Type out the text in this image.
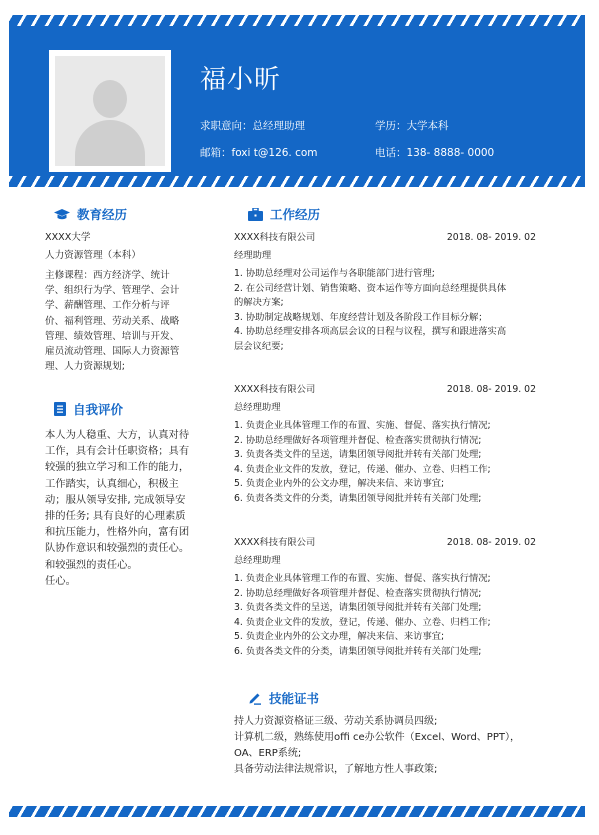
福小昕
求职意向：总经理助理	学历：大学本科
邮箱：foxi t@126. com	电话：138- 8888- 0000
教育经历
XXXX大学
人力资源管理（本科）
主修课程：西方经济学、统计
学、组织行为学、管理学、会计
学、薪酬管理、工作分析与评
价、福利管理、劳动关系、战略
管理、绩效管理、培训与开发、
雇员流动管理、国际人力资源管
理、人力资源规划;
自我评价
本人为人稳重、大方，认真对待
工作，具有会计任职资格；具有
较强的独立学习和工作的能力，
工作踏实，认真细心，积极主
动；服从领导安排, 完成领导安
排的任务; 具有良好的心理素质
和抗压能力，性格外向，富有团
队协作意识和较强烈的责任心。
和较强烈的责任心。
任心。
工作经历
XXXX科技有限公司	2018. 08- 2019. 02
经理助理
1. 协助总经理对公司运作与各职能部门进行管理;
2. 在公司经营计划、销售策略、资本运作等方面向总经理提供具体
的解决方案;
3. 协助制定战略规划、年度经营计划及各阶段工作目标分解；
4. 协助总经理安排各项高层会议的日程与议程，撰写和跟进落实高
层会议纪要;
XXXX科技有限公司	2018. 08- 2019. 02
总经理助理
1. 负责企业具体管理工作的布置、实施、督促、落实执行情况;
2. 协助总经理做好各项管理并督促、检查落实贯彻执行情况;
3. 负责各类文件的呈送，请集团领导阅批并转有关部门处理;
4. 负责企业文件的发放，登记，传递、催办、立卷、归档工作;
5. 负责企业内外的公文办理，解决来信、来访事宜;
6. 负责各类文件的分类，请集团领导阅批并转有关部门处理;
XXXX科技有限公司	2018. 08- 2019. 02
总经理助理
1. 负责企业具体管理工作的布置、实施、督促、落实执行情况;
2. 协助总经理做好各项管理并督促、检查落实贯彻执行情况;
3. 负责各类文件的呈送，请集团领导阅批并转有关部门处理;
4. 负责企业文件的发放，登记，传递、催办、立卷、归档工作;
5. 负责企业内外的公文办理，解决来信、来访事宜;
6. 负责各类文件的分类，请集团领导阅批并转有关部门处理;
技能证书
持人力资源资格证三级、劳动关系协调员四级;
计算机二级，熟练使用offi ce办公软件（Excel、Word、PPT），
OA、ERP系统;
具备劳动法律法规常识，了解地方性人事政策;
